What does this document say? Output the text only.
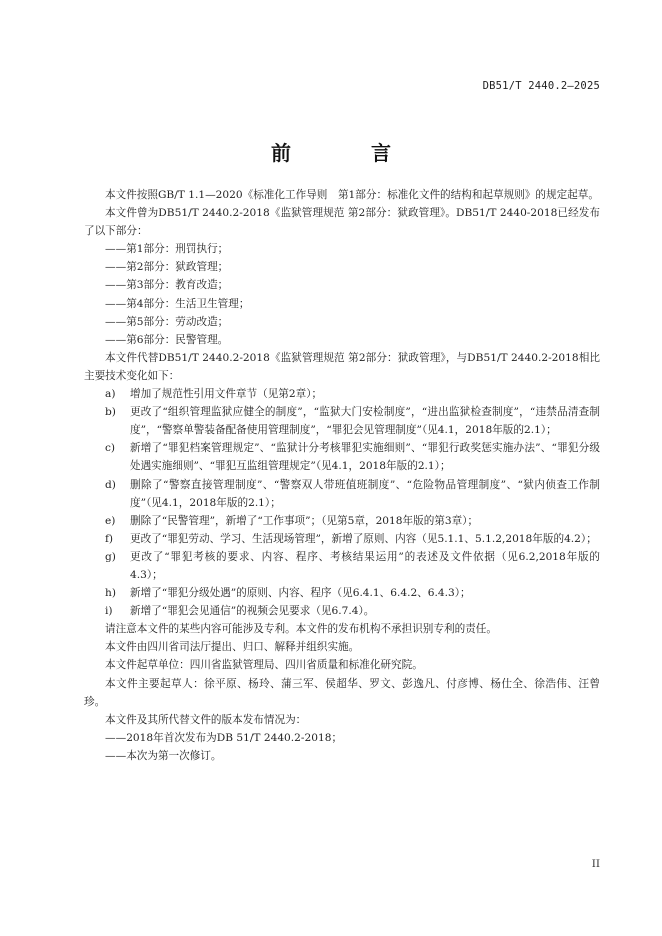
DB51/T 2440.2—2025
前　言

本文件按照GB/T 1.1—2020《标准化工作导则　第1部分：标准化文件的结构和起草规则》的规定起草。

本文件曾为DB51/T 2440.2-2018《监狱管理规范 第2部分：狱政管理》。DB51/T 2440-2018已经发布了以下部分：

——第1部分：刑罚执行；

——第2部分：狱政管理；

——第3部分：教育改造；

——第4部分：生活卫生管理；

——第5部分：劳动改造；

——第6部分：民警管理。

本文件代替DB51/T 2440.2-2018《监狱管理规范 第2部分：狱政管理》，与DB51/T 2440.2-2018相比主要技术变化如下：

a) 增加了规范性引用文件章节（见第2章）；

b) 更改了“组织管理监狱应健全的制度”，“监狱大门安检制度”，“进出监狱检查制度”，“违禁品清查制度”，“警察单警装备配备使用管理制度”，“罪犯会见管理制度”（见4.1，2018年版的2.1）；

c) 新增了“罪犯档案管理规定”、“监狱计分考核罪犯实施细则”、“罪犯行政奖惩实施办法”、“罪犯分级处遇实施细则”、“罪犯互监组管理规定”（见4.1，2018年版的2.1）；

d) 删除了“警察直接管理制度”、“警察双人带班值班制度”、“危险物品管理制度”、“狱内侦查工作制度”（见4.1，2018年版的2.1）；

e) 删除了“民警管理”，新增了“工作事项”；（见第5章，2018年版的第3章）；

f) 更改了“罪犯劳动、学习、生活现场管理”，新增了原则、内容（见5.1.1、5.1.2,2018年版的4.2）；

g) 更改了“罪犯考核的要求、内容、程序、考核结果运用”的表述及文件依据（见6.2,2018年版的4.3）；

h) 新增了“罪犯分级处遇”的原则、内容、程序（见6.4.1、6.4.2、6.4.3）；

i) 新增了“罪犯会见通信”的视频会见要求（见6.7.4）。

请注意本文件的某些内容可能涉及专利。本文件的发布机构不承担识别专利的责任。

本文件由四川省司法厅提出、归口、解释并组织实施。

本文件起草单位：四川省监狱管理局、四川省质量和标准化研究院。

本文件主要起草人：徐平原、杨玲、蒲三军、侯超华、罗文、彭逸凡、付彦博、杨仕全、徐浩伟、汪曾珍。

本文件及其所代替文件的版本发布情况为：

——2018年首次发布为DB 51/T 2440.2-2018；

——本次为第一次修订。

II
